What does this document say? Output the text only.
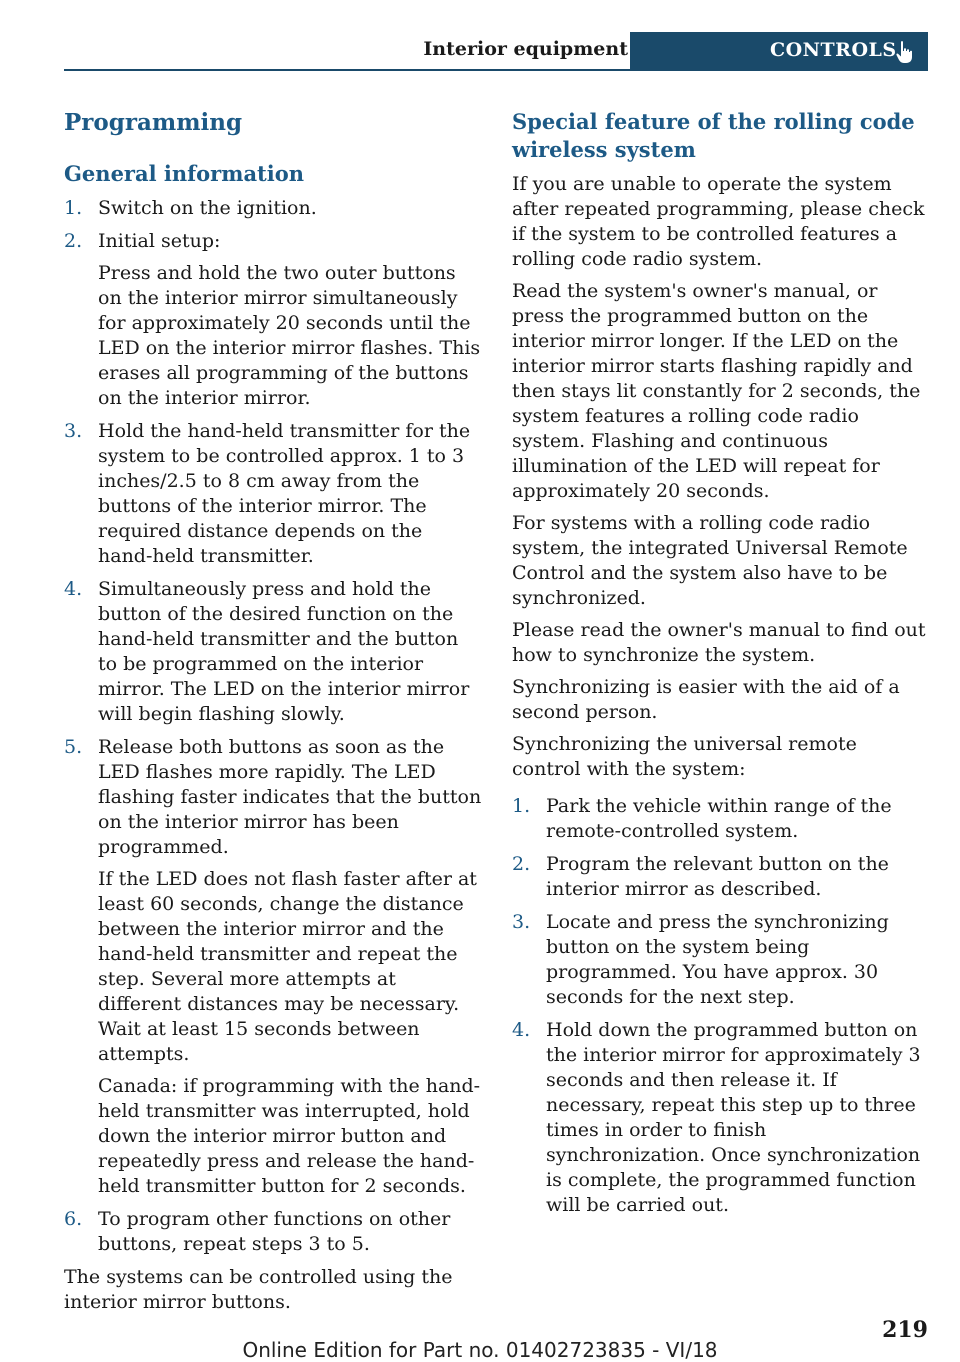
Interior equipment	CONTROLS
Programming
General information
1. Switch on the ignition.

2. Initial setup:

Press and hold the two outer buttons on the interior mirror simultaneously for approximately 20 seconds until the LED on the interior mirror flashes. This erases all programming of the buttons on the interior mirror.

3. Hold the hand-held transmitter for the system to be controlled approx. 1 to 3 inches/2.5 to 8 cm away from the buttons of the interior mirror. The required distance depends on the hand-held transmitter.

4. Simultaneously press and hold the button of the desired function on the hand-held transmitter and the button to be programmed on the interior mirror. The LED on the interior mirror will begin flashing slowly.

5. Release both buttons as soon as the LED flashes more rapidly. The LED flashing faster indicates that the button on the interior mirror has been programmed.

If the LED does not flash faster after at least 60 seconds, change the distance between the interior mirror and the hand-held transmitter and repeat the step. Several more attempts at different distances may be necessary. Wait at least 15 seconds between attempts.

Canada: if programming with the hand-held transmitter was interrupted, hold down the interior mirror button and repeatedly press and release the hand-held transmitter button for 2 seconds.

6. To program other functions on other buttons, repeat steps 3 to 5.

The systems can be controlled using the interior mirror buttons.

Special feature of the rolling code wireless system

If you are unable to operate the system after repeated programming, please check if the system to be controlled features a rolling code radio system.

Read the system's owner's manual, or press the programmed button on the interior mirror longer. If the LED on the interior mirror starts flashing rapidly and then stays lit constantly for 2 seconds, the system features a rolling code radio system. Flashing and continuous illumination of the LED will repeat for approximately 20 seconds.

For systems with a rolling code radio system, the integrated Universal Remote Control and the system also have to be synchronized.

Please read the owner's manual to find out how to synchronize the system.

Synchronizing is easier with the aid of a second person.

Synchronizing the universal remote control with the system:

1. Park the vehicle within range of the remote-controlled system.

2. Program the relevant button on the interior mirror as described.

3. Locate and press the synchronizing button on the system being programmed. You have approx. 30 seconds for the next step.

4. Hold down the programmed button on the interior mirror for approximately 3 seconds and then release it. If necessary, repeat this step up to three times in order to finish synchronization. Once synchronization is complete, the programmed function will be carried out.

219
Online Edition for Part no. 01402723835 - VI/18
